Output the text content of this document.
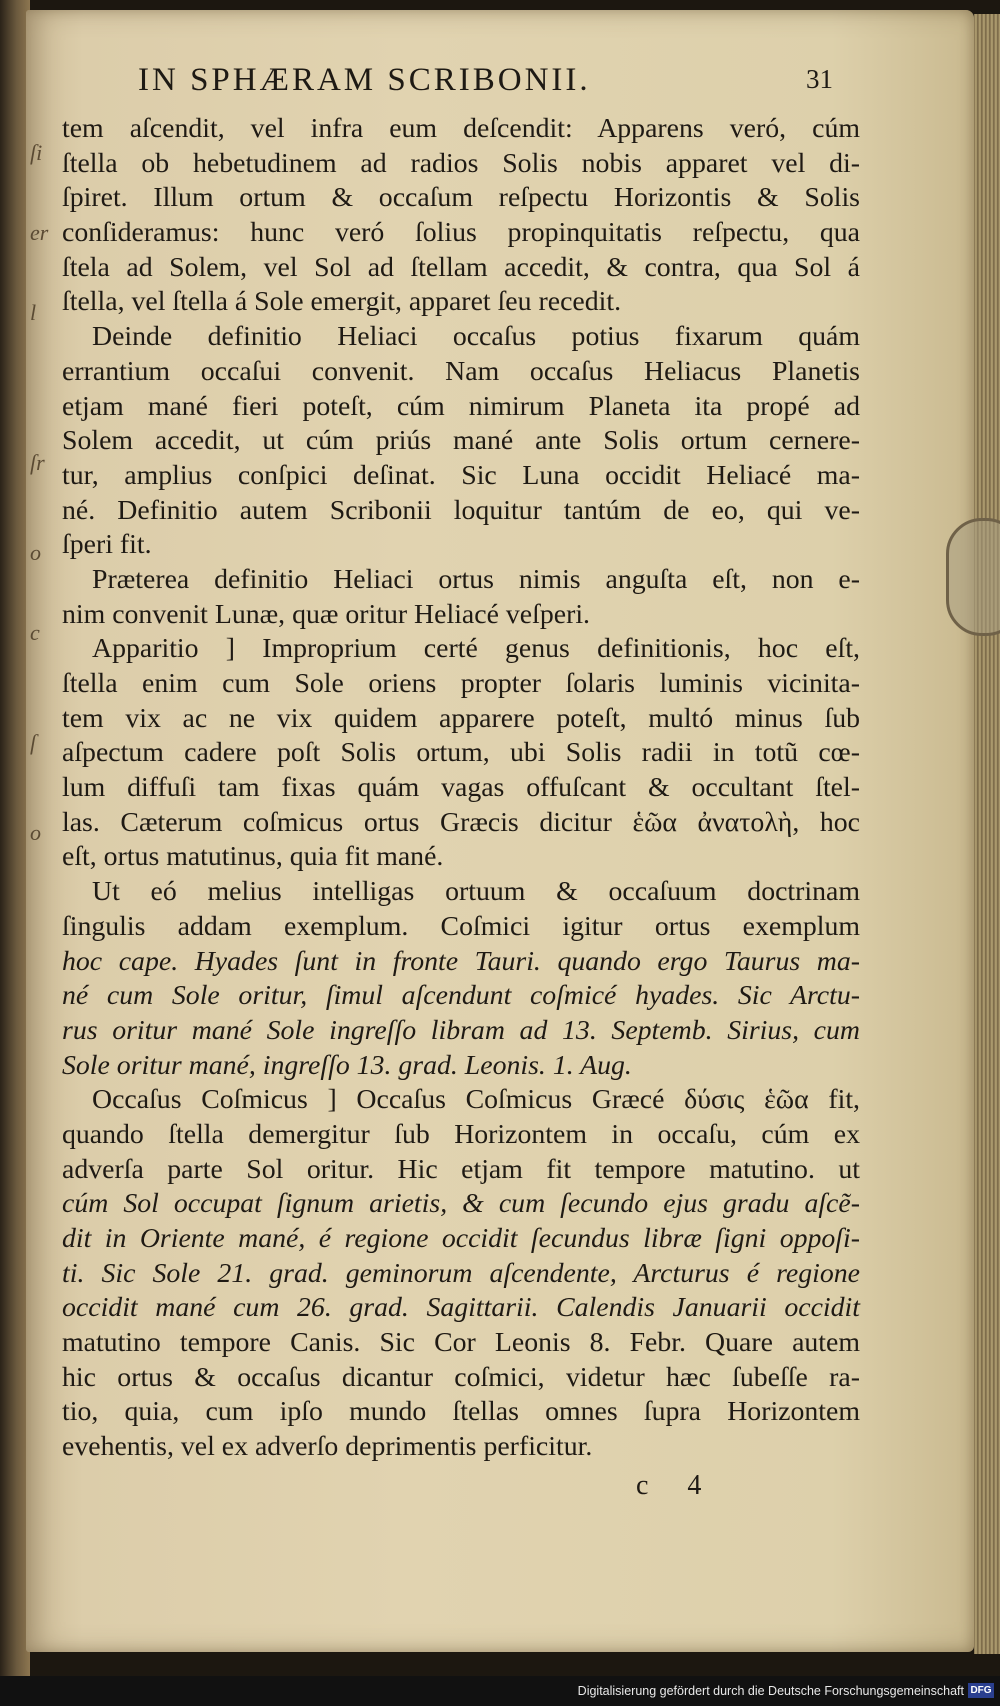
ſi
er
l
ſr
o
c
ſ
o
IN SPHÆRAM SCRIBONII.	31
tem aſcendit, vel infra eum deſcendit: Apparens veró, cúm
ſtella ob hebetudinem ad radios Solis nobis apparet vel di-
ſpiret. Illum ortum & occaſum reſpectu Horizontis & Solis
conſideramus: hunc veró ſolius propinquitatis reſpectu, qua
ſtela ad Solem, vel Sol ad ſtellam accedit, & contra, qua Sol á
ſtella, vel ſtella á Sole emergit, apparet ſeu recedit.
Deinde definitio Heliaci occaſus potius fixarum quám
errantium occaſui convenit. Nam occaſus Heliacus Planetis
etjam mané fieri poteſt, cúm nimirum Planeta ita propé ad
Solem accedit, ut cúm priús mané ante Solis ortum cernere-
tur, amplius conſpici deſinat. Sic Luna occidit Heliacé ma-
né. Definitio autem Scribonii loquitur tantúm de eo, qui ve-
ſperi fit.
Præterea definitio Heliaci ortus nimis anguſta eſt, non e-
nim convenit Lunæ, quæ oritur Heliacé veſperi.
Apparitio ] Improprium certé genus definitionis, hoc eſt,
ſtella enim cum Sole oriens propter ſolaris luminis vicinita-
tem vix ac ne vix quidem apparere poteſt, multó minus ſub
aſpectum cadere poſt Solis ortum, ubi Solis radii in totũ cœ-
lum diffuſi tam fixas quám vagas offuſcant & occultant ſtel-
las. Cæterum coſmicus ortus Græcis dicitur ἑῶα ἀνατολὴ, hoc
eſt, ortus matutinus, quia fit mané.
Ut eó melius intelligas ortuum & occaſuum doctrinam
ſingulis addam exemplum. Coſmici igitur ortus exemplum
hoc cape. Hyades ſunt in fronte Tauri. quando ergo Taurus ma-
né cum Sole oritur, ſimul aſcendunt coſmicé hyades. Sic Arctu-
rus oritur mané Sole ingreſſo libram ad 13. Septemb. Sirius, cum
Sole oritur mané, ingreſſo 13. grad. Leonis. 1. Aug.
Occaſus Coſmicus ] Occaſus Coſmicus Græcé δύσις ἑῶα fit,
quando ſtella demergitur ſub Horizontem in occaſu, cúm ex
adverſa parte Sol oritur. Hic etjam fit tempore matutino. ut
cúm Sol occupat ſignum arietis, & cum ſecundo ejus gradu aſcẽ-
dit in Oriente mané, é regione occidit ſecundus libræ ſigni oppoſi-
ti. Sic Sole 21. grad. geminorum aſcendente, Arcturus é regione
occidit mané cum 26. grad. Sagittarii. Calendis Januarii occidit
matutino tempore Canis. Sic Cor Leonis 8. Febr. Quare autem
hic ortus & occaſus dicantur coſmici, videtur hæc ſubeſſe ra-
tio, quia, cum ipſo mundo ſtellas omnes ſupra Horizontem
evehentis, vel ex adverſo deprimentis perficitur.
c 4
Digitalisierung gefördert durch die Deutsche Forschungsgemeinschaft DFG
